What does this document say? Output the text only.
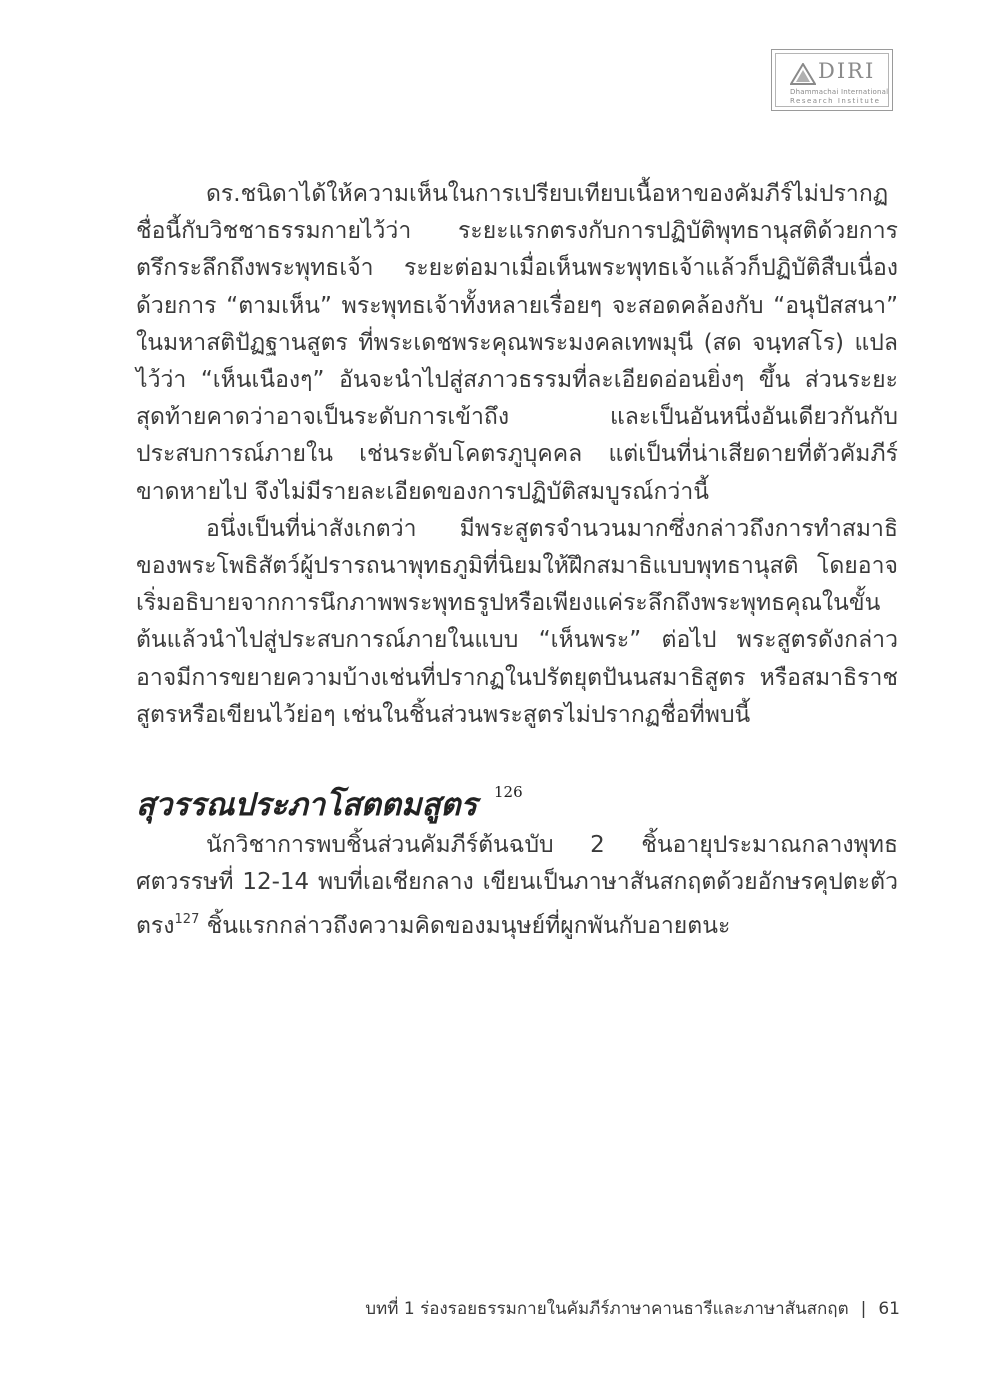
DIRI
Dhammachai International
Research Institute

ดร.ชนิดาได้ให้ความเห็นในการเปรียบเทียบเนื้อหาของคัมภีร์ไม่ปรากฏชื่อนี้กับวิชชาธรรมกายไว้ว่า ระยะแรกตรงกับการปฏิบัติพุทธานุสติด้วยการตรึกระลึกถึงพระพุทธเจ้า ระยะต่อมาเมื่อเห็นพระพุทธเจ้าแล้วก็ปฏิบัติสืบเนื่องด้วยการ “ตามเห็น” พระพุทธเจ้าทั้งหลายเรื่อยๆ จะสอดคล้องกับ “อนุปัสสนา” ในมหาสติปัฏฐานสูตร ที่พระเดชพระคุณพระมงคลเทพมุนี (สด จนฺทสโร) แปลไว้ว่า “เห็นเนืองๆ” อันจะนำไปสู่สภาวธรรมที่ละเอียดอ่อนยิ่งๆ ขึ้น ส่วนระยะสุดท้ายคาดว่าอาจเป็นระดับการเข้าถึง และเป็นอันหนึ่งอันเดียวกันกับประสบการณ์ภายใน เช่นระดับโคตรภูบุคคล แต่เป็นที่น่าเสียดายที่ตัวคัมภีร์ขาดหายไป จึงไม่มีรายละเอียดของการปฏิบัติสมบูรณ์กว่านี้

อนึ่งเป็นที่น่าสังเกตว่า มีพระสูตรจำนวนมากซึ่งกล่าวถึงการทำสมาธิของพระโพธิสัตว์ผู้ปรารถนาพุทธภูมิที่นิยมให้ฝึกสมาธิแบบพุทธานุสติ โดยอาจเริ่มอธิบายจากการนึกภาพพระพุทธรูปหรือเพียงแค่ระลึกถึงพระพุทธคุณในขั้นต้นแล้วนำไปสู่ประสบการณ์ภายในแบบ “เห็นพระ” ต่อไป พระสูตรดังกล่าวอาจมีการขยายความบ้างเช่นที่ปรากฏในปรัตยุตปันนสมาธิสูตร หรือสมาธิราชสูตรหรือเขียนไว้ย่อๆ เช่นในชิ้นส่วนพระสูตรไม่ปรากฏชื่อที่พบนี้

สุวรรณประภาโสตตมสูตร $^{126}$

นักวิชาการพบชิ้นส่วนคัมภีร์ต้นฉบับ 2 ชิ้นอายุประมาณกลางพุทธศตวรรษที่ 12-14 พบที่เอเชียกลาง เขียนเป็นภาษาสันสกฤตด้วยอักษรคุปตะตัวตรง$^{127}$ ชิ้นแรกกล่าวถึงความคิดของมนุษย์ที่ผูกพันกับอายตนะ

บทที่ 1 ร่องรอยธรรมกายในคัมภีร์ภาษาคานธารีและภาษาสันสกฤต | 61
